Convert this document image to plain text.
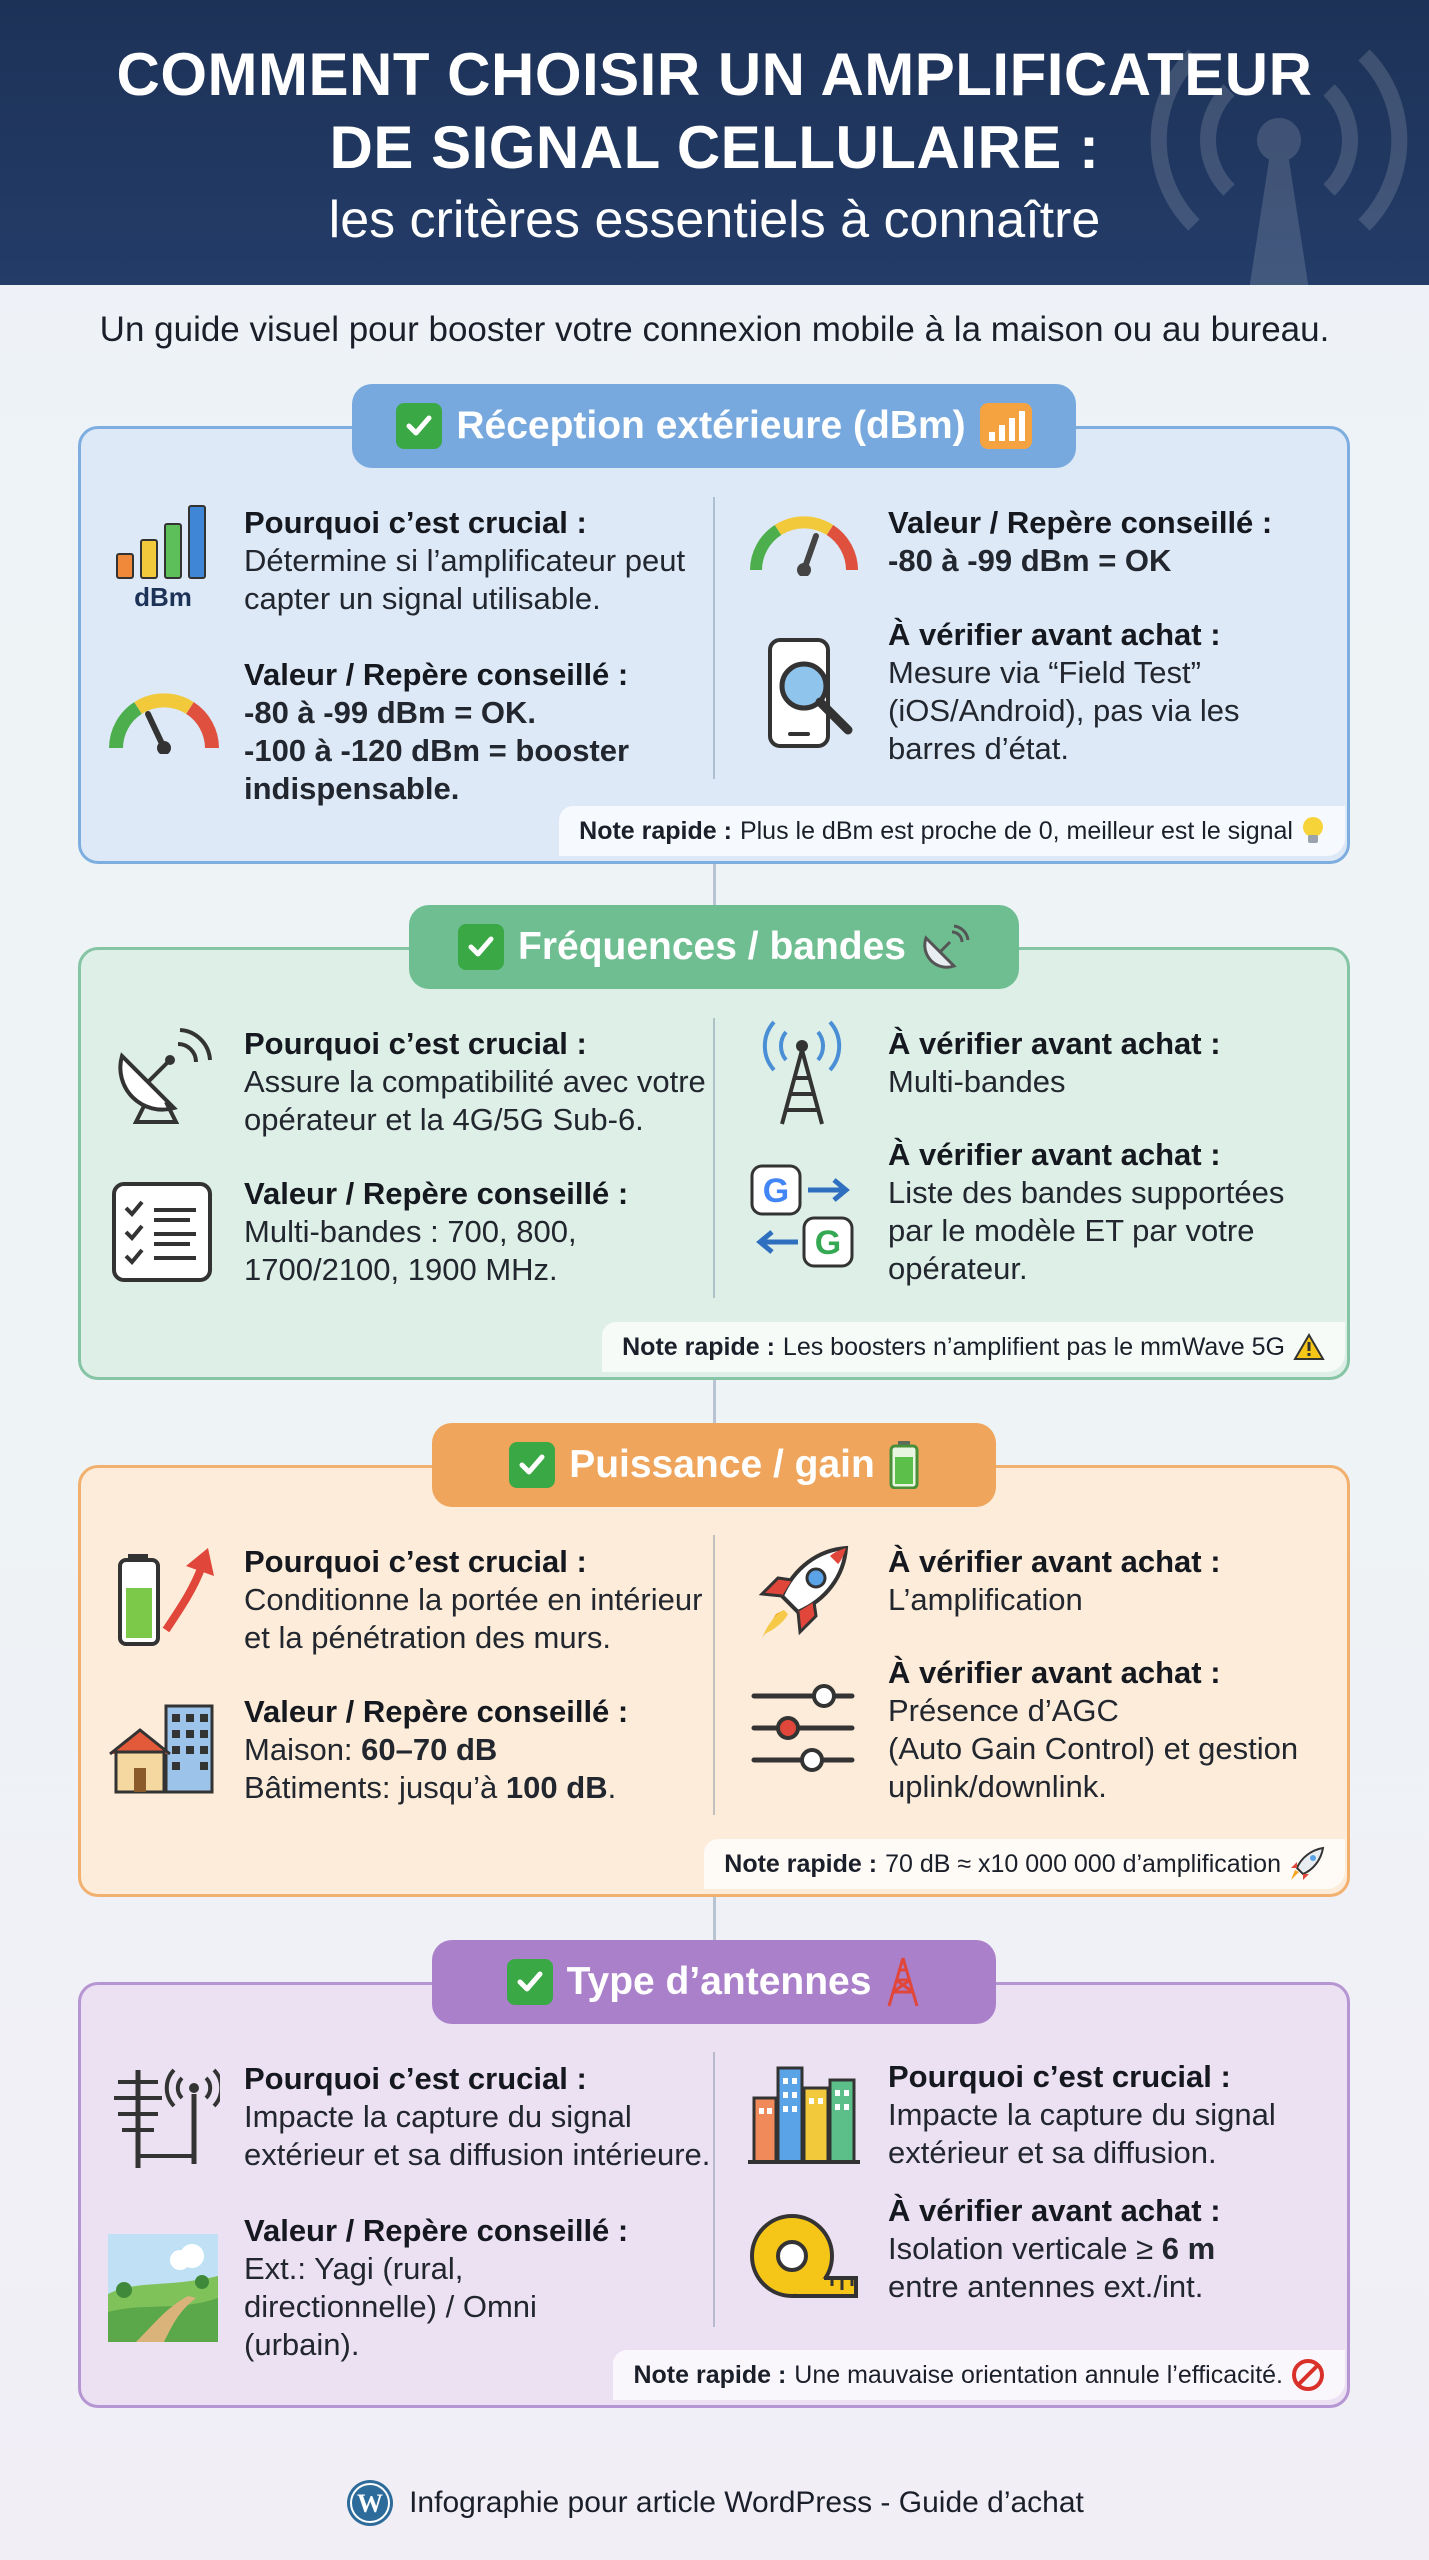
COMMENT CHOISIR UN AMPLIFICATEUR
DE SIGNAL CELLULAIRE :
les critères essentiels à connaître
Un guide visuel pour booster votre connexion mobile à la maison ou au bureau.
Réception extérieure (dBm)
dBm
Pourquoi c’est crucial :
Détermine si l’amplificateur peut
capter un signal utilisable.
Valeur / Repère conseillé :
-80 à -99 dBm = OK.
-100 à -120 dBm = booster
indispensable.
Valeur / Repère conseillé :
-80 à -99 dBm = OK
À vérifier avant achat :
Mesure via “Field Test”
(iOS/Android), pas via les
barres d’état.
Note rapide : Plus le dBm est proche de 0, meilleur est le signal
Fréquences / bandes
Pourquoi c’est crucial :
Assure la compatibilité avec votre
opérateur et la 4G/5G Sub-6.
Valeur / Repère conseillé :
Multi-bandes : 700, 800,
1700/2100, 1900 MHz.
À vérifier avant achat :
Multi-bandes
G
G
À vérifier avant achat :
Liste des bandes supportées
par le modèle ET par votre
opérateur.
Note rapide : Les boosters n’amplifient pas le mmWave 5G
Puissance / gain
Pourquoi c’est crucial :
Conditionne la portée en intérieur
et la pénétration des murs.
Valeur / Repère conseillé :
Maison: 60–70 dB
Bâtiments: jusqu’à 100 dB.
À vérifier avant achat :
L’amplification
À vérifier avant achat :
Présence d’AGC
(Auto Gain Control) et gestion
uplink/downlink.
Note rapide : 70 dB ≈ x10 000 000 d’amplification
Type d’antennes
Pourquoi c’est crucial :
Impacte la capture du signal
extérieur et sa diffusion intérieure.
Valeur / Repère conseillé :
Ext.: Yagi (rural,
directionnelle) / Omni
(urbain).
Pourquoi c’est crucial :
Impacte la capture du signal
extérieur et sa diffusion.
À vérifier avant achat :
Isolation verticale ≥ 6 m
entre antennes ext./int.
Note rapide : Une mauvaise orientation annule l’efficacité.
W Infographie pour article WordPress - Guide d’achat
